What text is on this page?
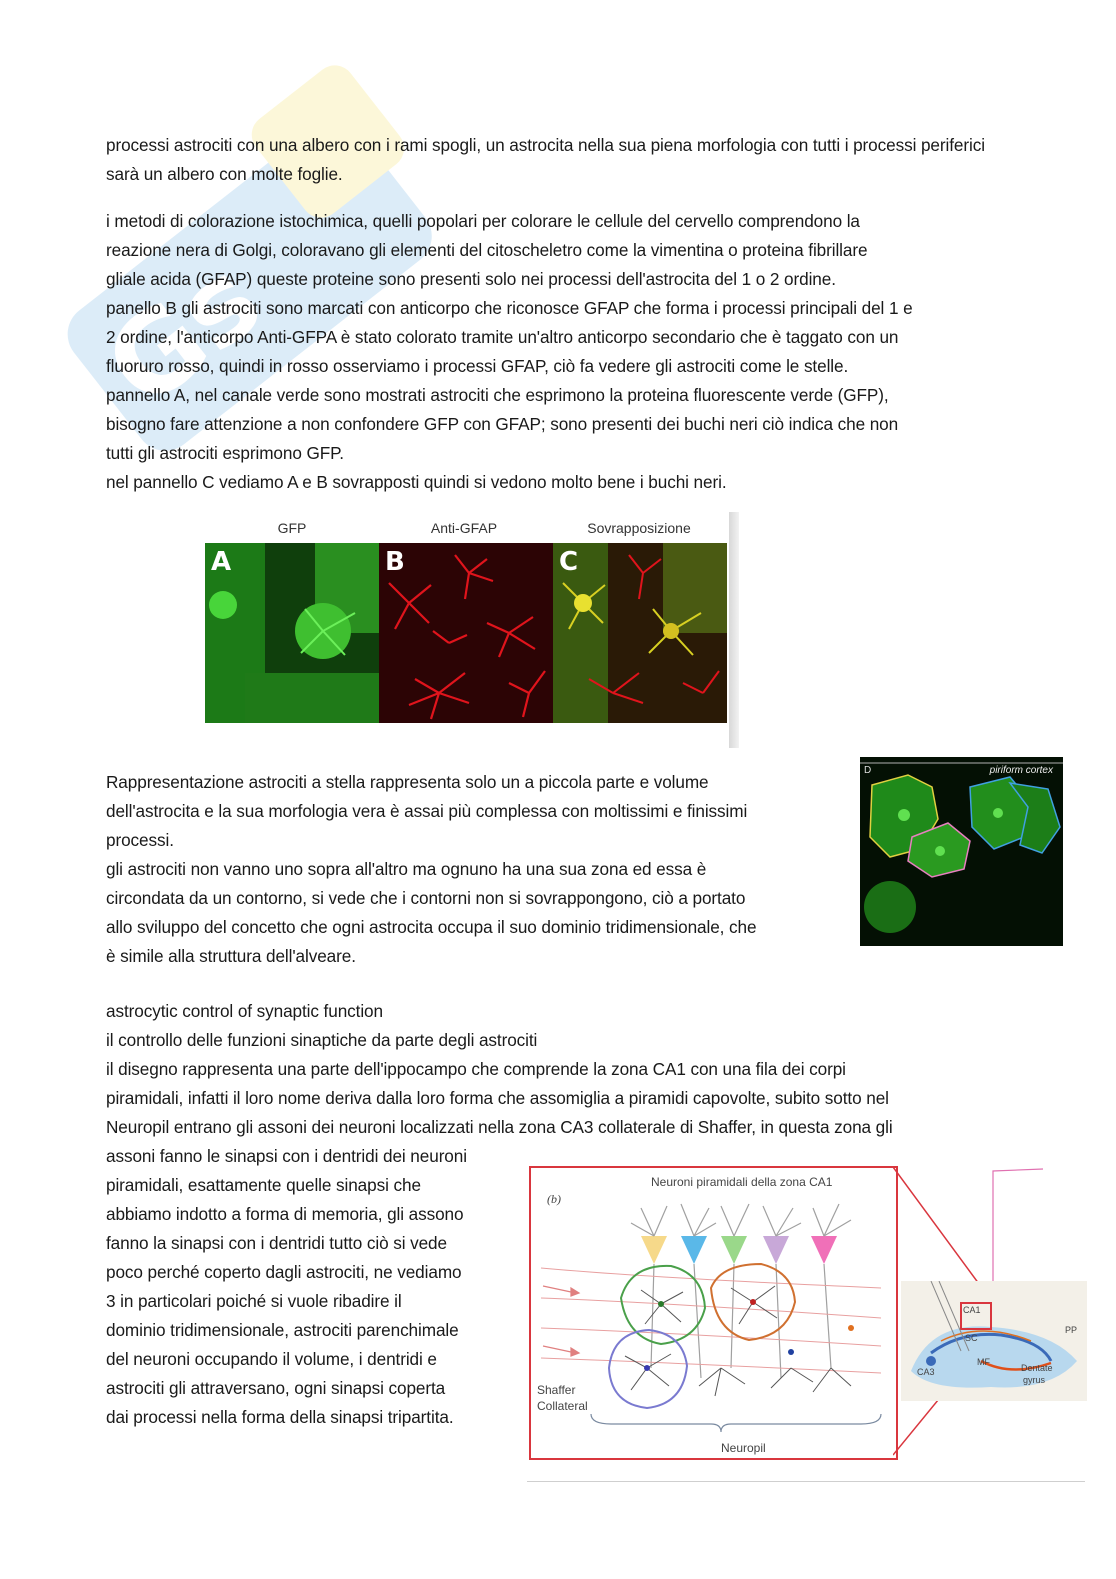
Gs

processi astrociti con una albero con i rami spogli, un astrocita nella sua piena morfologia con tutti i processi periferici sarà un albero con molte foglie.

i metodi di colorazione istochimica, quelli popolari per colorare le cellule del cervello comprendono la

reazione nera di Golgi, coloravano gli elementi del citoscheletro come la vimentina o proteina fibrillare

gliale acida (GFAP) queste proteine sono presenti solo nei processi dell'astrocita del 1 o 2 ordine.

panello B gli astrociti sono marcati con anticorpo che riconosce GFAP che forma i processi principali del 1 e

2 ordine, l'anticorpo Anti-GFPA è stato colorato tramite un'altro anticorpo secondario che è taggato con un

fluoruro rosso, quindi in rosso osserviamo i processi GFAP, ciò fa vedere gli astrociti come le stelle.

pannello A, nel canale verde sono mostrati astrociti che esprimono la proteina fluorescente verde (GFP),

bisogno fare attenzione a non confondere GFP con GFAP; sono presenti dei buchi neri ciò indica che non

tutti gli astrociti esprimono GFP.

nel pannello C vediamo A e B sovrapposti quindi si vedono molto bene i buchi neri.

GFP	Anti-GFAP	Sovrapposizione
A	B	C

Rappresentazione astrociti a stella rappresenta solo un a piccola parte e volume

dell'astrocita e la sua morfologia vera è assai più complessa con moltissimi e finissimi

processi.

gli astrociti non vanno uno sopra all'altro ma ognuno ha una sua zona ed essa è

circondata da un contorno, si vede che i contorni non si sovrappongono, ciò a portato

allo sviluppo del concetto che ogni astrocita occupa il suo dominio tridimensionale, che

è simile alla struttura dell'alveare.

piriform cortex
D

astrocytic control of synaptic function

il controllo delle funzioni sinaptiche da parte degli astrociti

il disegno rappresenta una parte dell'ippocampo che comprende la zona CA1 con una fila dei corpi

piramidali, infatti il loro nome deriva dalla loro forma che assomiglia a piramidi capovolte, subito sotto nel

Neuropil entrano gli assoni dei neuroni localizzati nella zona CA3 collaterale di Shaffer, in questa zona gli

assoni fanno le sinapsi con i dentridi dei neuroni

piramidali, esattamente quelle sinapsi che

abbiamo indotto a forma di memoria, gli assono

fanno la sinapsi con i dentridi tutto ciò si vede

poco perché coperto dagli astrociti, ne vediamo

3 in particolari poiché si vuole ribadire il

dominio tridimensionale, astrociti parenchimale

del neuroni occupando il volume, i dentridi e

astrociti gli attraversano, ogni sinapsi coperta

dai processi nella forma della sinapsi tripartita.

Neuroni piramidali della zona CA1
(b)
Shaffer
Collateral
Neuropil
CA1
SC
PP
MF
CA3	Dentate
gyrus
